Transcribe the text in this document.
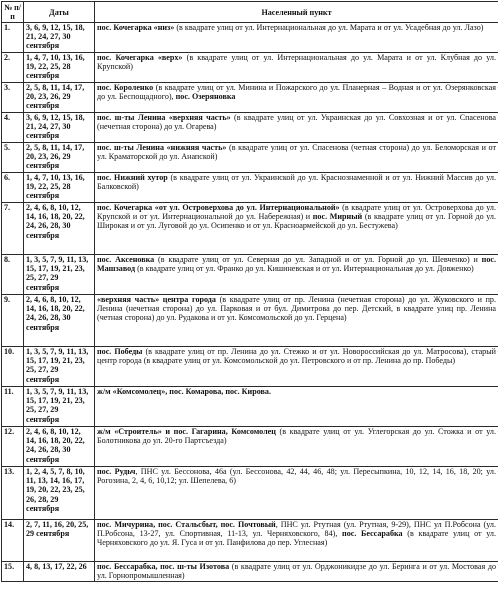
№ п/п	Даты	Населенный пункт
1.	3, 6, 9, 12, 15, 18, 21, 24, 27, 30 сентября	пос. Кочегарка «низ» (в квадрате улиц от ул. Интернациональная до ул. Марата и от ул. Усадебная до ул. Лазо)
2.	1, 4, 7, 10, 13, 16, 19, 22, 25, 28 сентября	пос. Кочегарка «верх» (в квадрате улиц от ул. Интернациональная до ул. Марата и от ул. Клубная до ул. Крупской)
3.	2, 5, 8, 11, 14, 17, 20, 23, 26, 29 сентября	пос. Короленко (в квадрате улиц от ул. Минина и Пожарского до ул. Планерная – Водная и от ул. Озерянковская до ул. Беспощадного), пос. Озеряновка
4.	3, 6, 9, 12, 15, 18, 21, 24, 27, 30 сентября	пос. ш-ты Ленина «верхняя часть» (в квадрате улиц от ул. Украинская до ул. Совхозная и от ул. Спасенова (нечетная сторона) до ул. Огарева)
5.	2, 5, 8, 11, 14, 17, 20, 23, 26, 29 сентября	пос. ш-ты Ленина «нижняя часть» (в квадрате улиц от ул. Спасенова (четная сторона) до ул. Беломорская и от ул. Краматорской до ул. Анапской)
6.	1, 4, 7, 10, 13, 16, 19, 22, 25, 28 сентября	пос. Нижний хутор (в квадрате улиц от ул. Украинской до ул. Краснознаменной и от ул. Нижний Массив до ул. Балковской)
7.	2, 4, 6, 8, 10, 12, 14, 16, 18, 20, 22, 24, 26, 28, 30 сентября	пос. Кочегарка «от ул. Островерхова до ул. Интернациональной» (в квадрате улиц от ул. Островерхова до ул. Крупской и от ул. Интернациональной до ул. Набережная) и пос. Мирный (в квадрате улиц от ул. Горной до ул. Широкая и от ул. Луговой до ул. Осипенко и от ул. Красноармейской до ул. Бестужева)
8.	1, 3, 5, 7, 9, 11, 13, 15, 17, 19, 21, 23, 25, 27, 29 сентября	пос. Аксеновка (в квадрате улиц от ул. Северная до ул. Западной и от ул. Горной до ул. Шевченко) и пос. Машзавод (в квадрате улиц от ул. Франко до ул. Кишиневская и от ул. Интернациональная до ул. Довженко)
9.	2, 4, 6, 8, 10, 12, 14, 16, 18, 20, 22, 24, 26, 28, 30 сентября	«верхняя часть» центра города (в квадрате улиц от пр. Ленина (нечетная сторона) до ул. Жуковского и пр. Ленина (нечетная сторона) до ул. Парковая и от бул. Димитрова до пер. Детский, в квадрате улиц пр. Ленина (четная сторона) до ул. Рудакова и от ул. Комсомольской до ул. Герцена)
10.	1, 3, 5, 7, 9, 11, 13, 15, 17, 19, 21, 23, 25, 27, 29 сентября	пос. Победы (в квадрате улиц от пр. Ленина до ул. Стежко и от ул. Новороссийская до ул. Матросова), старый центр города (в квадрате улиц от ул. Комсомольской до ул. Петровского и от пр. Ленина до пр. Победы)
11.	1, 3, 5, 7, 9, 11, 13, 15, 17, 19, 21, 23, 25, 27, 29 сентября	ж/м «Комсомолец», пос. Комарова, пос. Кирова.
12.	2, 4, 6, 8, 10, 12, 14, 16, 18, 20, 22, 24, 26, 28, 30 сентября	ж/м «Строитель» и пос. Гагарина, Комсомолец (в квадрате улиц от ул. Углегорская до ул. Стожка и от ул. Болотникова до ул. 20-го Партсъезда)
13.	1, 2, 4, 5, 7, 8, 10, 11, 13, 14, 16, 17, 19, 20, 22, 23, 25, 26, 28, 29 сентября	пос. Рудьч, ПНС ул. Бессонова, 46а (ул. Бессонова, 42, 44, 46, 48; ул. Пересыпкина, 10, 12, 14, 16, 18, 20; ул. Рогозина, 2, 4, 6, 10,12; ул. Шепелева, 6)
14.	2, 7, 11, 16, 20, 25, 29 сентября	пос. Мичурина, пос. Стальсбыт, пос. Почтовый, ПНС ул. Ртутная (ул. Ртутная, 9-29), ПНС ул П.Робсона (ул. П.Робсона, 13-27, ул. Спортивная, 11-13, ул. Черняховского, 84), пос. Бессарабка (в квадрате улиц от ул. Черняховского до ул. Я. Гуса и от ул. Панфилова до пер. Углесная)
15.	4, 8, 13, 17, 22, 26	пос. Бессарабка, пос. ш-ты Изотова (в квадрате улиц от ул. Орджоникидзе до ул. Беринга и от ул. Мостовая до ул. Горнопромышленная)
